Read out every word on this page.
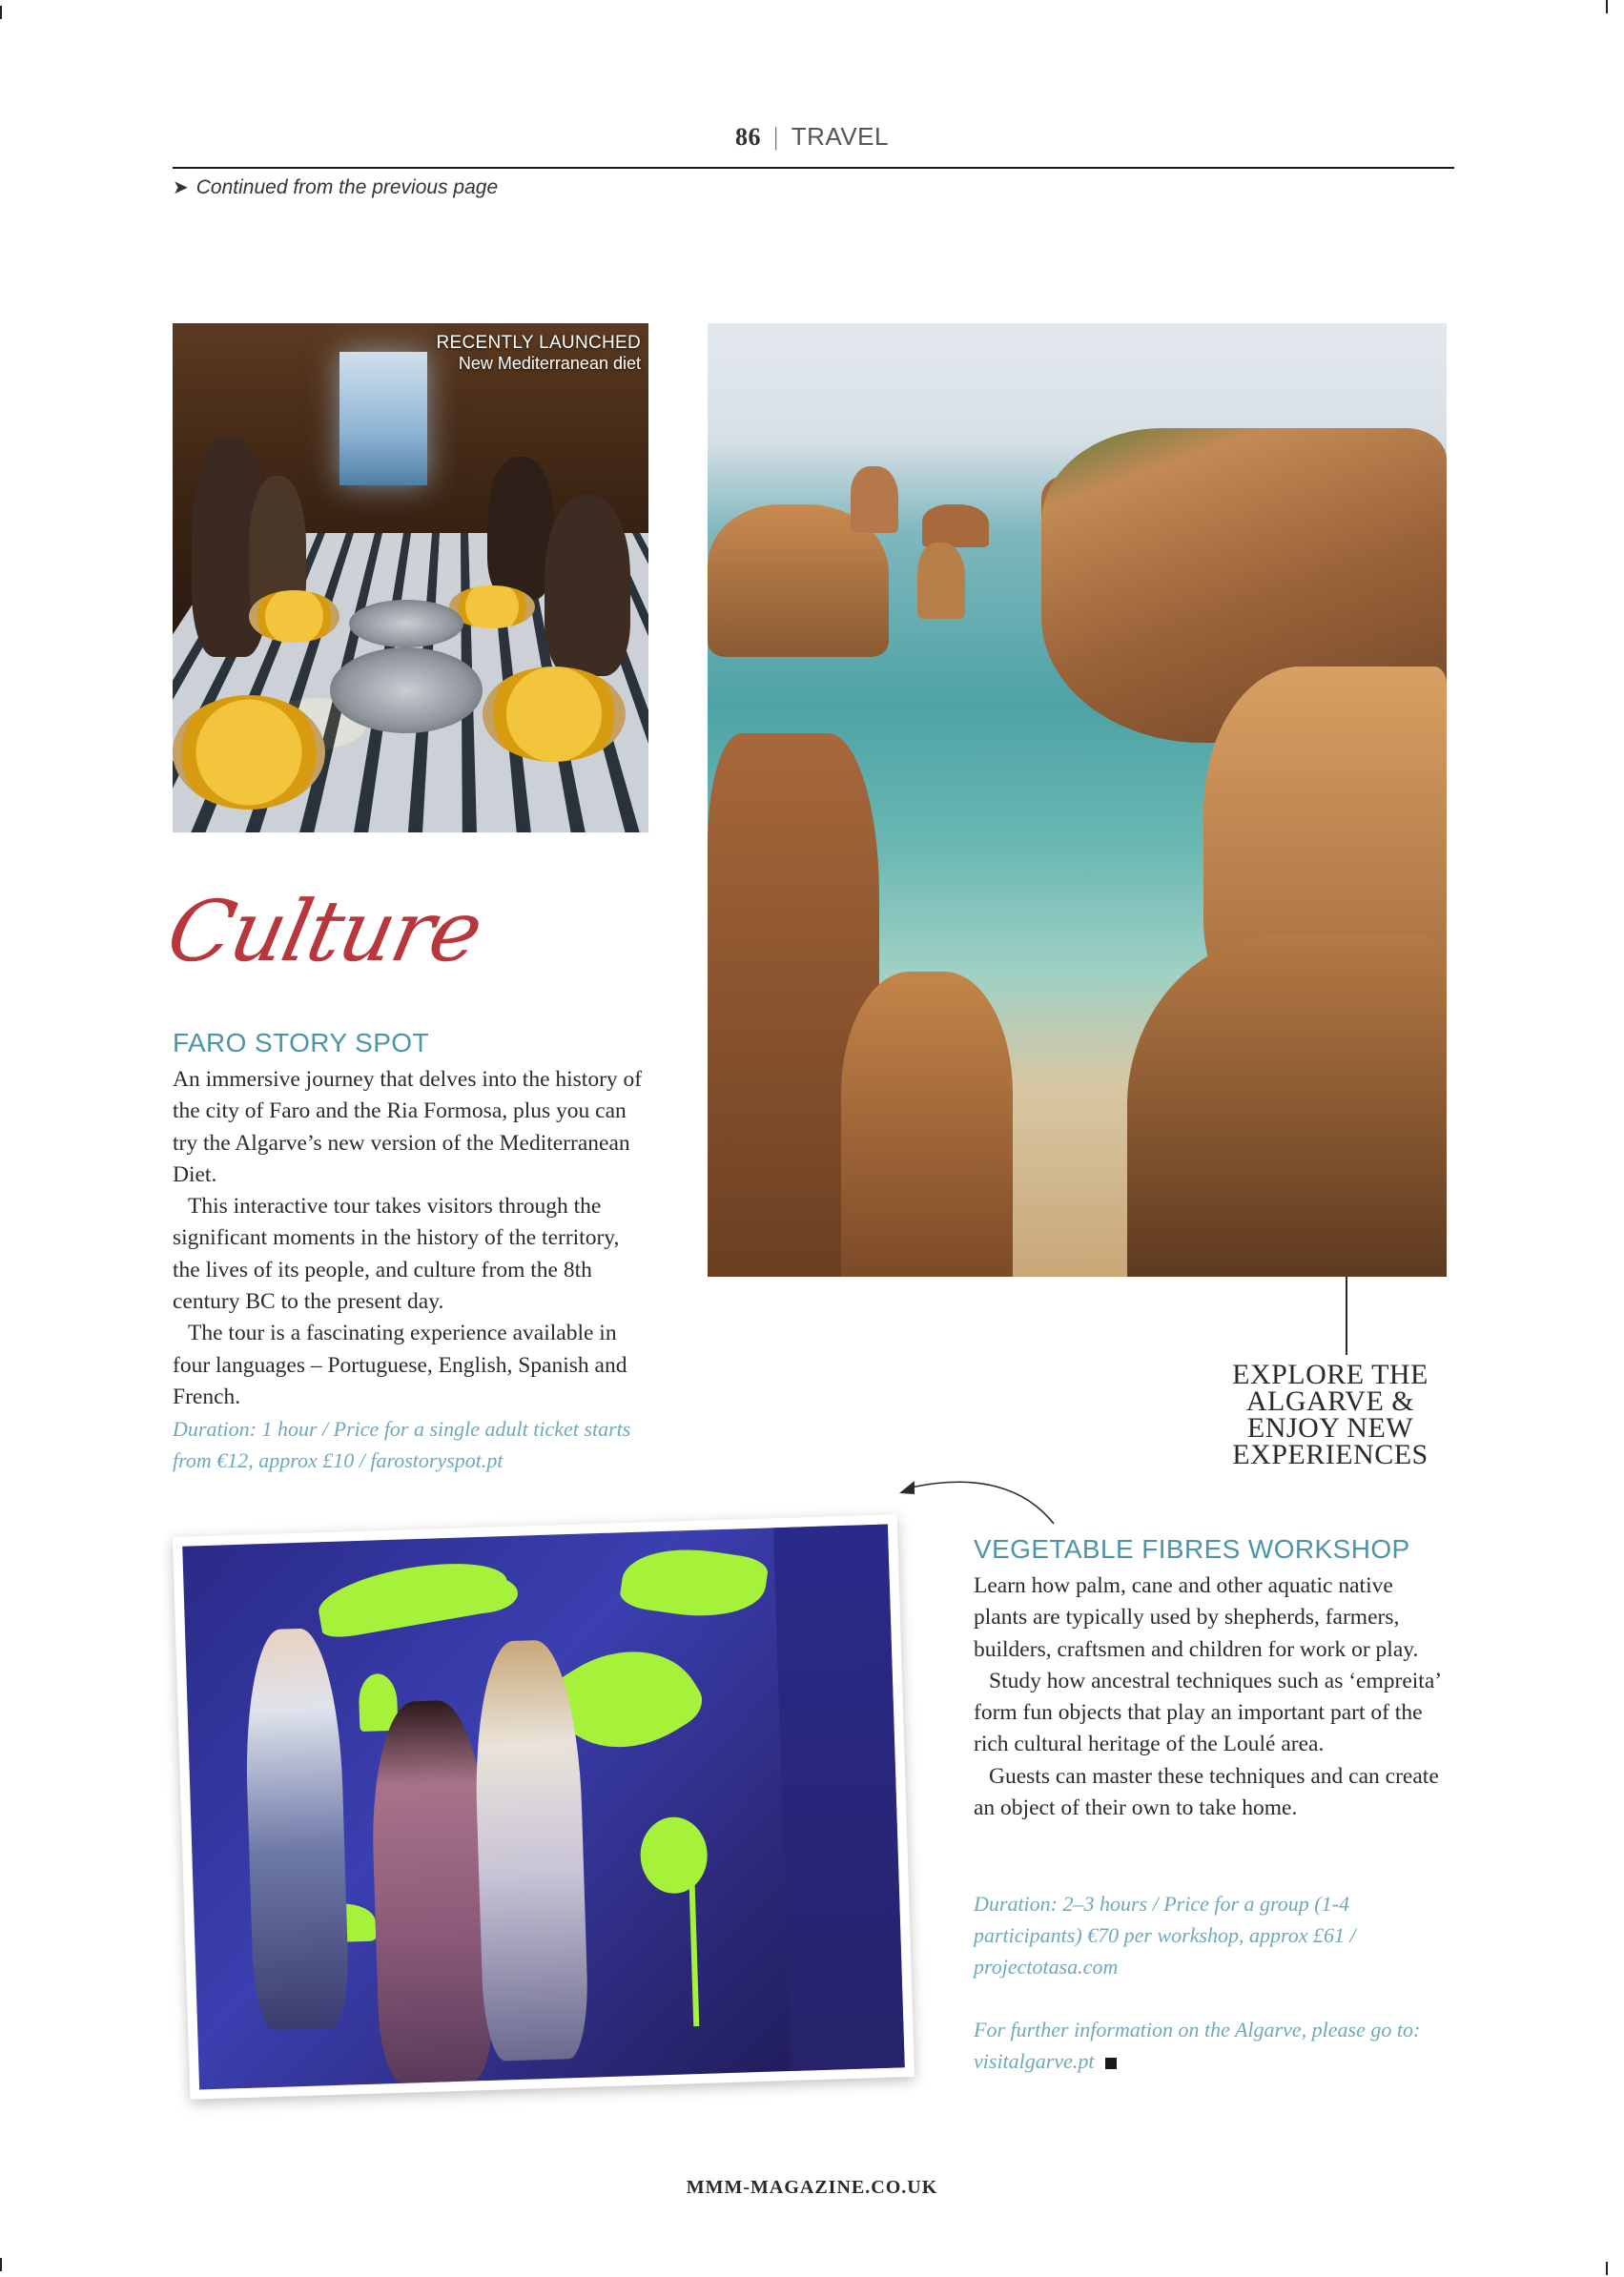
86 | TRAVEL
➤ Continued from the previous page
RECENTLY LAUNCHED
New Mediterranean diet
EXPLORE THE
ALGARVE &
ENJOY NEW
EXPERIENCES
Culture
FARO STORY SPOT

An immersive journey that delves into the history of the city of Faro and the Ria Formosa, plus you can try the Algarve’s new version of the Mediterranean Diet.

This interactive tour takes visitors through the significant moments in the history of the territory, the lives of its people, and culture from the 8th century BC to the present day.

The tour is a fascinating experience available in four languages – Portuguese, English, Spanish and French.

Duration: 1 hour / Price for a single adult ticket starts from €12, approx £10 / farostoryspot.pt
VEGETABLE FIBRES WORKSHOP

Learn how palm, cane and other aquatic native plants are typically used by shepherds, farmers, builders, craftsmen and children for work or play.

Study how ancestral techniques such as ‘empreita’ form fun objects that play an important part of the rich cultural heritage of the Loulé area.

Guests can master these techniques and can create an object of their own to take home.

Duration: 2–3 hours / Price for a group (1-4 participants) €70 per workshop, approx £61 / projectotasa.com
For further information on the Algarve, please go to: visitalgarve.pt
MMM-MAGAZINE.CO.UK
